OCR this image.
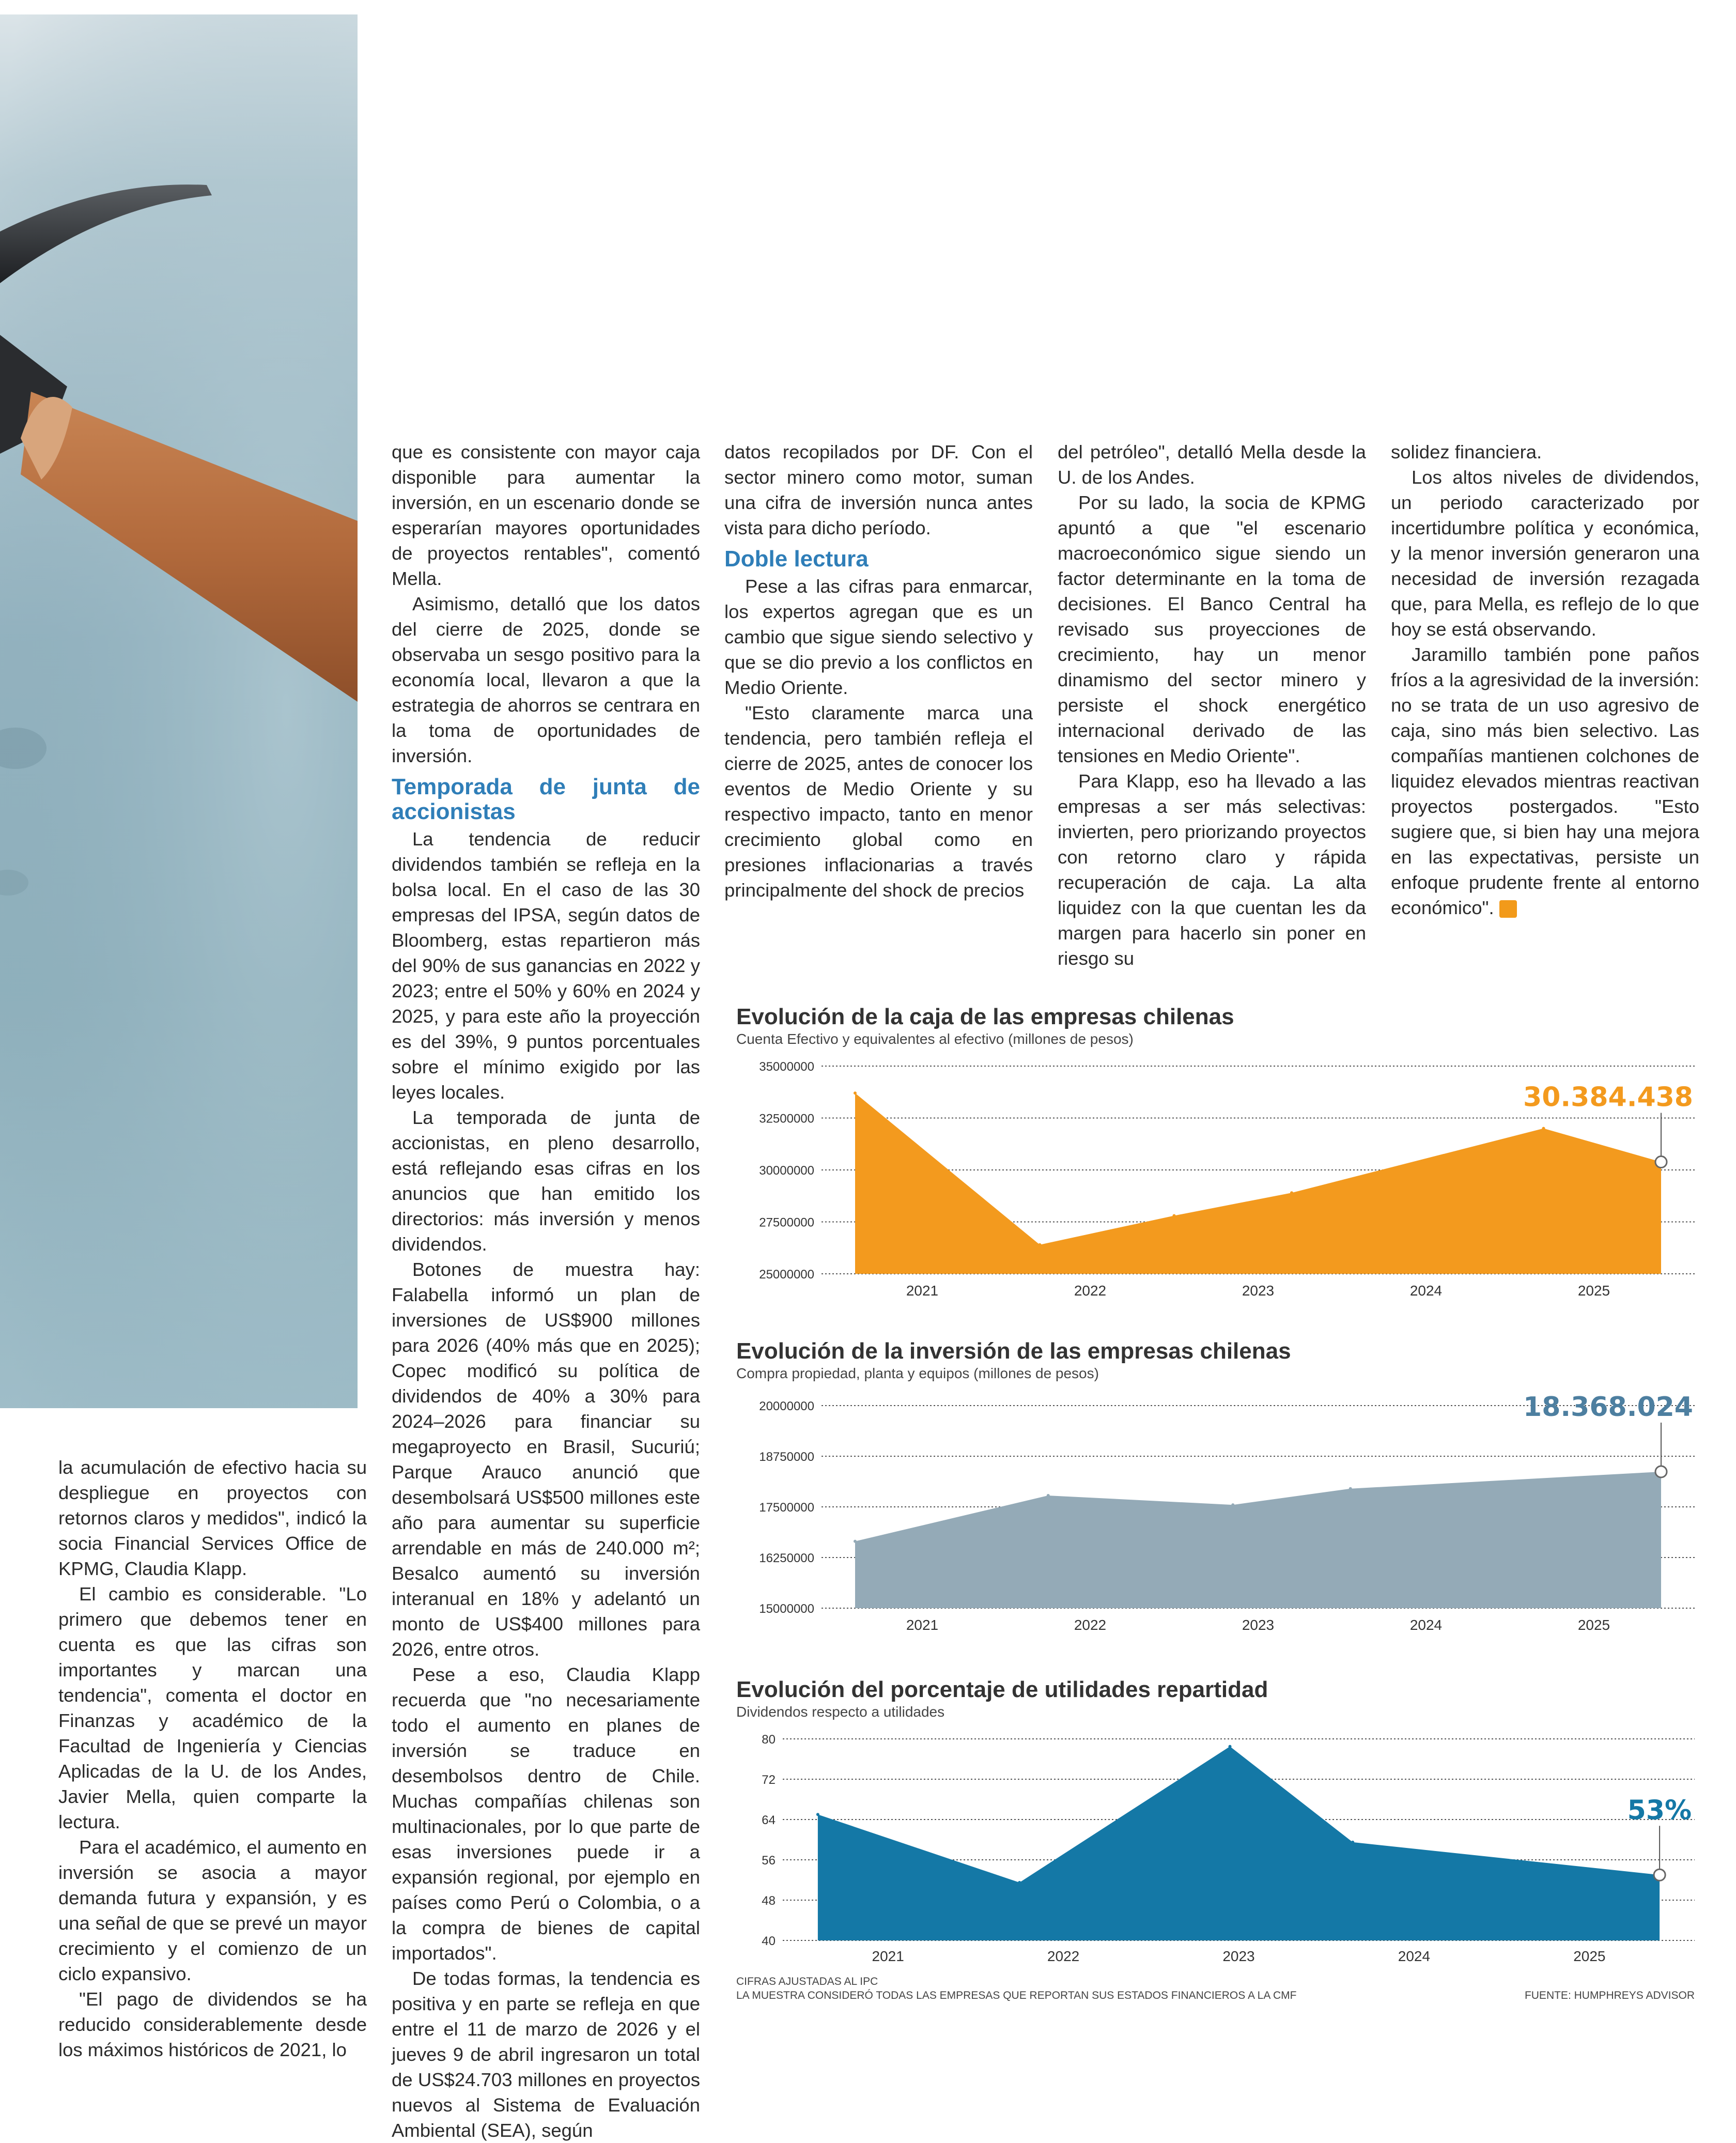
la acumulación de efectivo hacia su despliegue en proyectos con retornos claros y medidos", indicó la socia Financial Services Office de KPMG, Claudia Klapp.

El cambio es considerable. "Lo primero que debemos tener en cuenta es que las cifras son importantes y marcan una tendencia", comenta el doctor en Finanzas y académico de la Facultad de Ingeniería y Ciencias Aplicadas de la U. de los Andes, Javier Mella, quien comparte la lectura.

Para el académico, el aumento en inversión se asocia a mayor demanda futura y expansión, y es una señal de que se prevé un mayor crecimiento y el comienzo de un ciclo expansivo.

"El pago de dividendos se ha reducido considerablemente desde los máximos históricos de 2021, lo

que es consistente con mayor caja disponible para aumentar la inversión, en un escenario donde se esperarían mayores oportunidades de proyectos rentables", comentó Mella.

Asimismo, detalló que los datos del cierre de 2025, donde se observaba un sesgo positivo para la economía local, llevaron a que la estrategia de ahorros se centrara en la toma de oportunidades de inversión.

Temporada de junta de accionistas

La tendencia de reducir dividendos también se refleja en la bolsa local. En el caso de las 30 empresas del IPSA, según datos de Bloomberg, estas repartieron más del 90% de sus ganancias en 2022 y 2023; entre el 50% y 60% en 2024 y 2025, y para este año la proyección es del 39%, 9 puntos porcentuales sobre el mínimo exigido por las leyes locales.

La temporada de junta de accionistas, en pleno desarrollo, está reflejando esas cifras en los anuncios que han emitido los directorios: más inversión y menos dividendos.

Botones de muestra hay: Falabella informó un plan de inversiones de US$900 millones para 2026 (40% más que en 2025); Copec modificó su política de dividendos de 40% a 30% para 2024–2026 para financiar su megaproyecto en Brasil, Sucuriú; Parque Arauco anunció que desembolsará US$500 millones este año para aumentar su superficie arrendable en más de 240.000 m²; Besalco aumentó su inversión interanual en 18% y adelantó un monto de US$400 millones para 2026, entre otros.

Pese a eso, Claudia Klapp recuerda que "no necesariamente todo el aumento en planes de inversión se traduce en desembolsos dentro de Chile. Muchas compañías chilenas son multinacionales, por lo que parte de esas inversiones puede ir a expansión regional, por ejemplo en países como Perú o Colombia, o a la compra de bienes de capital importados".

De todas formas, la tendencia es positiva y en parte se refleja en que entre el 11 de marzo de 2026 y el jueves 9 de abril ingresaron un total de US$24.703 millones en proyectos nuevos al Sistema de Evaluación Ambiental (SEA), según

datos recopilados por DF. Con el sector minero como motor, suman una cifra de inversión nunca antes vista para dicho período.

Doble lectura

Pese a las cifras para enmarcar, los expertos agregan que es un cambio que sigue siendo selectivo y que se dio previo a los conflictos en Medio Oriente.

"Esto claramente marca una tendencia, pero también refleja el cierre de 2025, antes de conocer los eventos de Medio Oriente y su respectivo impacto, tanto en menor crecimiento global como en presiones inflacionarias a través principalmente del shock de precios

del petróleo", detalló Mella desde la U. de los Andes.

Por su lado, la socia de KPMG apuntó a que "el escenario macroeconómico sigue siendo un factor determinante en la toma de decisiones. El Banco Central ha revisado sus proyecciones de crecimiento, hay un menor dinamismo del sector minero y persiste el shock energético internacional derivado de las tensiones en Medio Oriente".

Para Klapp, eso ha llevado a las empresas a ser más selectivas: invierten, pero priorizando proyectos con retorno claro y rápida recuperación de caja. La alta liquidez con la que cuentan les da margen para hacerlo sin poner en riesgo su

solidez financiera.

Los altos niveles de dividendos, un periodo caracterizado por incertidumbre política y económica, y la menor inversión generaron una necesidad de inversión rezagada que, para Mella, es reflejo de lo que hoy se está observando.

Jaramillo también pone paños fríos a la agresividad de la inversión: no se trata de un uso agresivo de caja, sino más bien selectivo. Las compañías mantienen colchones de liquidez elevados mientras reactivan proyectos postergados. "Esto sugiere que, si bien hay una mejora en las expectativas, persiste un enfoque prudente frente al entorno económico". S

Evolución de la caja de las empresas chilenas
Cuenta Efectivo y equivalentes al efectivo (millones de pesos)
35000000
32500000
30000000
27500000
25000000
2021	2022	2023	2024	2025
30.384.438
Evolución de la inversión de las empresas chilenas
Compra propiedad, planta y equipos (millones de pesos)
20000000
18750000
17500000
16250000
15000000
2021	2022	2023	2024	2025
18.368.024
Evolución del porcentaje de utilidades repartidad
Dividendos respecto a utilidades
80
72
64
56
48
40
2021	2022	2023	2024	2025
53%
CIFRAS AJUSTADAS AL IPC
LA MUESTRA CONSIDERÓ TODAS LAS EMPRESAS QUE REPORTAN SUS ESTADOS FINANCIEROS A LA CMF	FUENTE: HUMPHREYS ADVISOR
